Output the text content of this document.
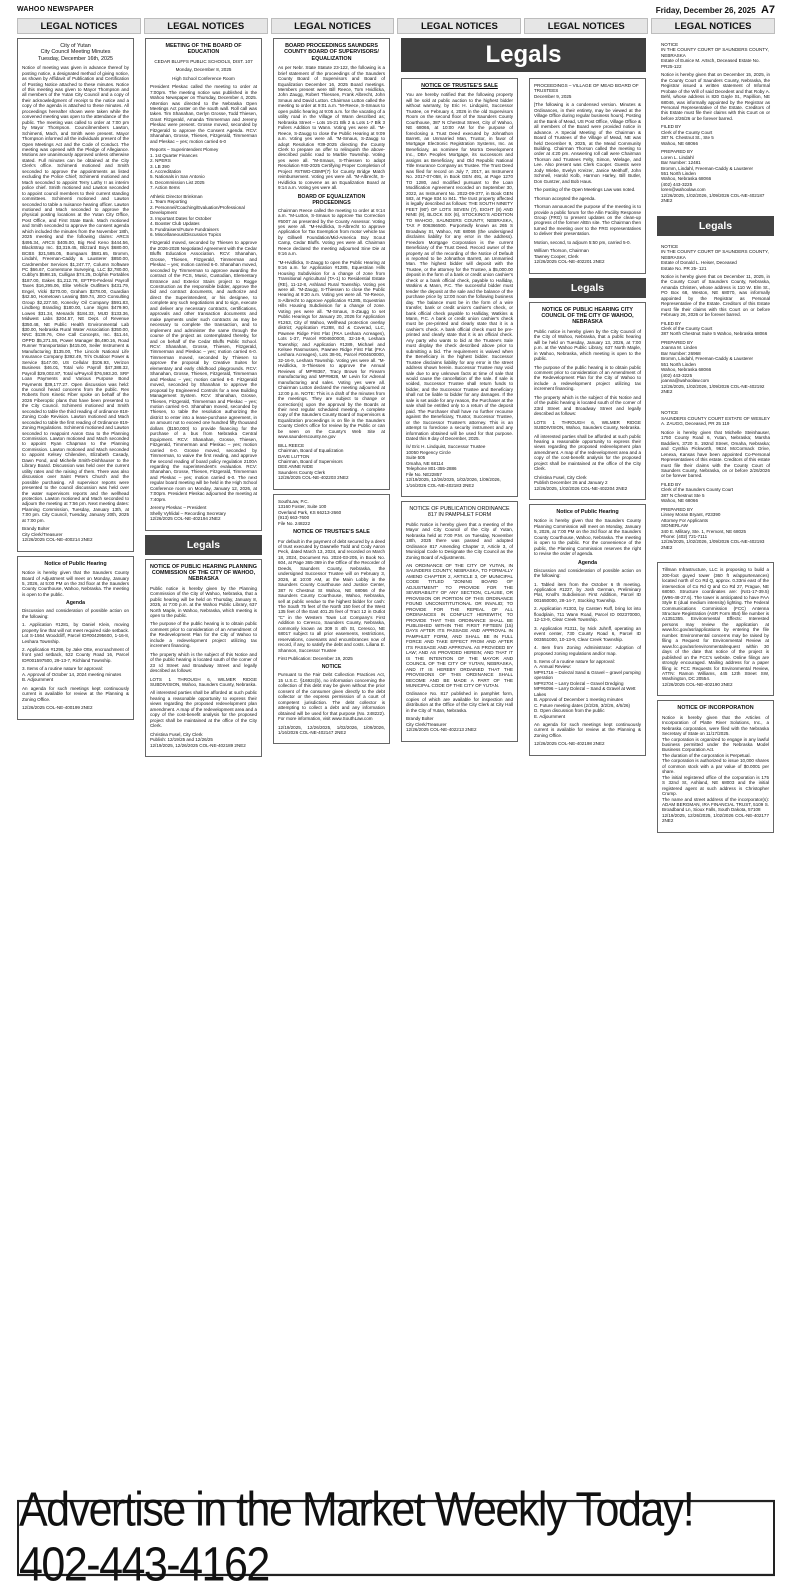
WAHOO NEWSPAPER	Friday, December 26, 2025 A7
LEGAL NOTICES	LEGAL NOTICES	LEGAL NOTICES	LEGAL NOTICES	LEGAL NOTICES	LEGAL NOTICES
Legals
City of Yutan
City Council Meeting Minutes
Tuesday, December 16th, 2025

Notice of meeting was given in advance thereof by posting notice, a designated method of giving notice, as shown by Affidavit of Publication and Certification of Posting Notice attached to these minutes. Notice of this meeting was given to Mayor Thompson and all members of the Yutan City Council and a copy of their acknowledgment of receipt to the notice and a copy of the agenda is attached to these minutes. All proceedings hereafter shown were taken while the convened meeting was open to the attendance of the public. The meeting was called to order at 7:00 pm by Mayor Thompson. Councilmembers Lawton, Schimenti, Mach, and Smith were present. Mayor Thompson informed all the individuals present of the Open Meetings Act and the Code of Conduct. The meeting was opened with the Pledge of Allegiance. Motions are unanimously approved unless otherwise stated. Full minutes can be obtained at the City Clerk's office. Schimenti motioned and Smith seconded to approve the appointments as listed excluding the Police Chief; Schimenti motioned and Mach seconded to appoint Terry Luthy II as interim police chief. Smith motioned and Lawton seconded to appoint council members to their current standing committees. Schimenti motioned and Lawton seconded to table a nuisance hearing officer. Lawton motioned and Mach seconded to approve the physical posting locations at the Yutan City Office, Post Office, and First State Bank. Mach motioned and Smith seconded to approve the consent agenda which included the minutes from the November 18th, 2025 meeting and the following claims: ARCS $495.34, ARCS $405.00, Big Red Keno $444.56, BlackStrap Inc. $3,319.45, Blizzard Boys $680.00, BCBS $21,585.05, Bomgaars $581.65, Bromm, Lindahl, Freeman-Caddy & Lausterer $850.00, Cardmember Services $1,247.77, Column Software PC $66.67, Cornerstone Surveying, LLC $2,780.00, Cubby's $598.15, Culligan $74.25, Dolphin Portables $187.00, Eakes $1,212.78, EFTPS-Federal Payroll Taxes $16,295.06, Elite Vehicle Outfitters $431.79, Engel, Vicki $270.00, Graham $378.00, Guardian $42.50, Hometown Leasing $59.74, JEO Consulting Group $2,227.50, Konecky Oil Company $591.83, Lindberg Branding $180.00, Lone Signs $479.90, Lowes $31.34, Menards $184.33, MUD $133.36, Midwest Labs $204.57, NE Dept. of Revenue $350.48, NE Public Health Environmental Lab $30.00, Nebraska Rural Water Association $350.00, NNC $139.76, One Call Concepts, Inc. $11.44, OPPD $5,271.55, Power Manager $6,490.16, Road Runner Transportation $415.00, Seiler Instrument & Manufacturing $135.00, The Lincoln National Life Insurance Company $392.49, Tri's Outdoor Power & Service $147.00, US Cellular $106.93, Verizon Business $46.01, Total w/o Payroll $47,388.32, Payroll $29,002.87, Total w/Payroll $76,593.20. SRF Loan Payments and Various Purpose Bond Payments $39,177.27. Open discussion was held: the council heard concerns from the public. Rex Roberts from Kinetic Fiber spoke on behalf of the 2026 Fiberoptic plans that have been presented to the City Council. Schimenti motioned and Smith seconded to table the third reading of ordinance 818-Zoning Code Revision. Lawton motioned and Mach seconded to table the first reading of Ordinance 819-Zoning Regulations. Schimenti motioned and Lawton seconded to reappoint Aaron Gau to the Planning Commission. Lawton motioned and Mach seconded to appoint Ryan Chapman to the Planning Commission. Lawton motioned and Mach seconded to appoint Kelsey Chilenden, Elizabeth Casady, Dawn Pond, and Michelle Smith-Dishhauser to the Library Board. Discussion was held over the current utility rates and the raising of them. There was also discussion over Saint Peters Church and the possible purchasing. All supervisor reports were presented to the council discussion was held over the water supervisors reports and the wellhead protection. Lawton motioned and Mach seconded to adjourn the meeting at 7:56 pm. Next meeting dates: Planning Commission, Tuesday, January 13th, at 7:00 pm. City Council, Tuesday, January 20th, 2025 at 7:00 pm.

Brandy Bolter
City Clerk/Treasurer
12/26/2025 COL-NE-400214 2NE2

Notice of Public Hearing

Notice is hereby given that the Saunders County Board of Adjustment will meet on Monday, January 5, 2026, at 5:00 PM on the 3rd floor at the Saunders County Courthouse, Wahoo, Nebraska. The meeting is open to the public.

Agenda

Discussion and consideration of possible action on the following:

1. Application #1281, by Daniel Klein, moving property line that will not meet required side setback. Lot S-1564 Woodcliff, Parcel ID#004295600, 1-16-8, Leshara Township.

2. Application #1296, by Jake Otte, encroachment of front yard setback, 522 County Road 16, Parcel ID#001597500, 29-13-7, Richland Township.

3. Items of a routine nature for approval:
A. Approval of October 14, 2024 meeting minutes
B. Adjournment

An agenda for such meetings kept continuously current is available for review at the Planning & Zoning Office.

12/26/2025 COL-NE-400199 2NE2

MEETING OF THE BOARD OF EDUCATION

CEDAR BLUFFS PUBLIC SCHOOLS, DIST. 107

Monday, December 8, 2025

High School Conference Room

President Pleskac called the meeting to order at 7:00pm. The meeting notice was published in the Wahoo Newspaper on Thursday, December 4, 2025. Attention was directed to the Nebraska Open Meetings Act poster on the south wall. Roll call was taken. Tim Shanahan, Gerlyn Grosse, Todd Thiesen, Grant Fitzgerald, Amanda Timmerman and Jeremy Pleskac were present. Grosse moved, seconded by Fitzgerald to approve the Consent Agenda. RCV: Shanahan, Grosse, Thiesen, Fitzgerald, Timmerman and Pleskac – yes; motion carried 6-0

Reports – Superintendent Plomey
1. 1st Quarter Finances
2. NPERS
3. LB 390
4. Accreditation
5. Nationals in San Antonio
6. Decommission List 2025
7. Action Items

Athletic Director Brinkman
1. Team Reporting
2. Personnel/Coaching/Evaluation/Professional Development
3. Important Dates for October
4. Booster Club Updates
5. Fundraisers/Future Fundraisers
6. Miscellaneous/Discussion Topics

Fitzgerald moved, seconded by Thiesen to approve the 2026-2028 Negotiated Agreement with the Cedar Bluffs Education Association. RCV: Shanahan, Grosse, Thiesen, Fitzgerald, Timmerman and Pleskac – yes; motion carried 6-0. Shanahan moved, seconded by Timmerman to approve awarding the contract of the FCS, Music, Custodian, Elementary Entrance and Exterior Stairs project to Rogge Construction as the responsible bidder, approve the bid and contract documents, and authorize and direct the Superintendent, or his designee, to complete any such negotiations and to sign, execute and deliver any necessary contracts, certifications, approvals and other transaction documents and make payments under such contracts as may be necessary to complete the transaction, and to implement and administer the same through the course of the project as contemplated thereby, for and on behalf of the Cedar Bluffs Public School. RCV: Shanahan, Grosse, Thiesen, Fitzgerald, Timmerman and Pleskac – yes; motion carried 6-0. Timmerman moved, seconded by Thiesen to approve the proposal by Creative Suites for elementary and early childhood playgrounds. RCV: Shanahan, Grosse, Thiesen, Fitzgerald, Timmerman and Pleskac – yes; motion carried 6-0. Fitzgerald moved, seconded by Shanahan to approve the proposal by Engineered Controls for a new Building Management System. RCV: Shanahan, Grosse, Thiesen, Fitzgerald, Timmerman and Pleskac – yes; motion carried 6-0. Shanahan moved, seconded by Thiesen, to table the resolution authorizing the district to enter into a lease-purchase agreement, in an amount not to exceed one hundred fifty thousand dollars ($150,000) to provide financing for the purchase of a bus from Nebraska Central Equipment. RCV: Shanahan, Grosse, Thiesen, Fitzgerald, Timmerman and Pleskac – yes; motion carried 6-0. Grosse moved, seconded by Timmerman, to waive the first reading, and approve the second reading of board policy regulation 2100A regarding the superintendent's evaluation. RCV: Shanahan, Grosse, Thiesen, Fitzgerald, Timmerman and Pleskac – yes; motion carried 6-0. The next regular board meeting will be held in the High School Conference room on Monday, January 12, 2026, at 7:00pm. President Pleskac adjourned the meeting at 7:40pm.

Jeremy Pleskac – President
Shelly Vyhlidal – Recording Secretary
12/26/2025 COL-NE-402194 2NE2

Legals
NOTICE OF PUBLIC HEARING PLANNING COMMISSION OF THE CITY OF WAHOO, NEBRASKA

Public notice is hereby given by the Planning Commission of the City of Wahoo, Nebraska, that a public hearing will be held on Thursday, January 8, 2025, at 7:00 p.m. at the Wahoo Public Library, 637 North Maple, in Wahoo, Nebraska, which meeting is open to the public.

The purpose of the public hearing is to obtain public comment prior to consideration of an Amendment of the Redevelopment Plan for the City of Wahoo to include a redevelopment project utilizing tax increment financing.

The property which is the subject of this Notice and of the public hearing is located south of the corner of 23 rd Street and Broadway Street and legally described as follows:

LOTS 1 THROUGH 6, WILMER RIDGE SUBDIVISION, Wahoo, Saunders County, Nebraska.

All interested parties shall be afforded at such public hearing a reasonable opportunity to express their views regarding the proposed redevelopment plan amendment. A map of the redevelopment area and a copy of the cost-benefit analysis for the proposed project shall be maintained at the office of the City Clerk.

Christina Fusel, City Clerk
Publish: 12/19/25 and 12/26/25
12/19/2025, 12/26/2025 COL-NE-402189 2NE2

BOARD PROCEEDINGS SAUNDERS COUNTY BOARD OF SUPERVISORS/ EQUALIZATION

As per Nebr. State Statute 23-122, the following is a brief statement of the proceedings of the Saunders County Board of Supervisors and Board of Equalization December 16, 2025 Board meetings. Members present were Bill Reece, Tom Hvidlicka, John Zaugg, Robert Thiessen, Frank Albrecht, John Smaus and David Lutton. Chairman Lutton called the meeting to order at 9:01 a.m. "M-Reece, S-Smaus to open public hearing at 9:05 a.m. for the vacating of a utility road in the Village of Wann described as; Nebraska Street – Lots 15-21 Blk 2 & Lots 1-7 Blk 3 Fullers Addition to Wann. Voting yes were all. "M-Reece, S-Zaugg to close the Public Hearing at 9:09 a.m. Voting yes were all. "M-Smaus, S-Zaugg to adopt Resolution #39-2025 directing the County Clerk to prepare an offer to relinquish the above-described public road to Marble Township. Voting yes were all. "M-Smaus, S-Thiessen to adopt Resolution #40-2025 Certifying Proper Completion of Project #STWD-CBMP(7) for County Bridge Match reimbursement. Voting yes were all. "M-Albrecht, S-Hvidlicka to convene as an Equalization Board at 9:14 a.m. Voting yes were all.

BOARD OF EQUALIZATION PROCEEDINGS

Chairman Reece called the meeting to order at 9:14 a.m. "M-Lutton, S-Smaus to approve Tax Correction #5007 as presented by the County Assessor. Voting yes were all. "M-Hvidlicka, S-Albrecht to approve Application for Tax Exemption from motor vehicle tax by Gillwell Foundation/Mid-America Boy Scout Camp, Cedar Bluffs. Voting yes were all. Chairman Reece declared the meeting adjourned Sine Die at 9:16 a.m.

"M-Hvidlicka, S-Zaugg to open the Public Hearing at 9:16 a.m. for Application #1285, Equestrian Hills Housing Subdivision for a change of zone from Transitional Agricultural (TA-1) to Residential Estate (RE), 11-12-8, Ashland Rural Township. Voting yes were all. "M-Zaugg, S-Thiessen to close the Public Hearing at 9:20 a.m. Voting yes were all. "M-Reece, S-Albrecht to approve Application #1285, Equestrian Hills Housing Subdivision for a change of zone. Voting yes were all. "M-Smaus, S-Zaugg to set Public Hearings for January 20, 2026 for Application #1263, City of Wahoo, Wellhead protection overlay district; Application #1288, Ed & Coverad, LLC, Pawnee Ridge First Flat (FKA Leshara Acreages), Lots 1-37, Parcel #004600000, 32-16-9, Leshara Township; and Application #1289, Michael and Kelsee Rasmussen, Pawnee Ridge First Flat (FKA Leshara Acreages), Lots 38-91, Parcel #004600000, 32-16-9, Leshara Township. Voting yes were all. "M-Hvidlicka, S-Thiessen to approve the Annual Reviews of MP#8367, Tracy Brown for Firearm manufacturing and MP#9828, Mr Levin for Adrenal manufacturing and sales. Voting yes were all. Chairman Lutton declared the meeting adjourned at 12:00 p.m. NOTE: This is a draft of the minutes from the meetings. They are subject to change or correction(s) upon the approval by the Boards at their next regular scheduled meeting. A complete copy of the Saunders County Board of Supervisors & Equalization proceedings is on file in the Saunders County Clerk's office for review by the Public or can be seen on the County's Web Site at www.saunderscounty.ne.gov

BILL REECE
Chairman, Board of Equalization
DAVE LUTTON
Chairman, Board of Supervisors
DEE ANNE NIDE
Saunders County Clerk
12/26/2025 COL-NE-402203 2NE2

SouthLaw, P.C.
13160 Foster, Suite 100
Overland Park, KS 66213-2660
(913) 663-7600
File No. 248222

NOTICE OF TRUSTEE'S SALE

For default in the payment of debt secured by a deed of trust executed by Dawnelle Todd and Cody Aaron Peck, dated March 13, 2024, and recorded on March 18, 2024, Document No. 2024-03-205, in Book No. 604, at Page 365-369 in the Office of the Recorder of Deeds, Saunders County, Nebraska, the undersigned Successor Trustee will on February 3, 2026, at 10:00 AM, at the Main Lobby in the Saunders County Courthouse and Justice Center, 387 N Chestnut St Wahoo, NE 68066 of the Saunders County Courthouse, Wahoo, Nebraska, sell at public vendue to the highest bidder for cash: The South 75 feet of the North 150 feet of the West 135 feet of the East 401.25 feet of Tract 12 in Outlot "C" in the Western Town Lot Company's First Addition to Ceresco, Saunders County, Nebraska, commonly known as 309 S 4th St, Ceresco, NE 68017 subject to all prior easements, restrictions, reservations, covenants and encumbrances now of record, if any, to satisfy the debt and costs. Liliana E. Shannon, Successor Trustee

First Publication: December 19, 2025

NOTICE

Pursuant to the Fair Debt Collection Practices Act, 15 U.S.C. §1692c(b), no information concerning the collection of this debt may be given without the prior consent of the consumer given directly to the debt collector or the express permission of a court of competent jurisdiction. The debt collector is attempting to collect a debt and any information obtained will be used for that purpose (No. 248222). For more information, visit www.SouthLaw.com

12/19/2025, 12/26/2025, 1/02/2026, 1/09/2026, 1/16/2026 COL-NE-402147 2NE2

NOTICE OF TRUSTEE'S SALE

You are hereby notified that the following property will be sold at public auction to the highest bidder without warranty, by Eric H. Lindquist, Successor Trustee, on February 4, 2026 in the old Supervisors Room on the second floor of the Saunders County Courthouse, 387 N Chestnut Street, City of Wahoo, NE 68066, at 10:00 AM for the purpose of foreclosing a Trust Deed executed by Johnathon Barrett, an Unmarried Man, Trustor, in favor of Mortgage Electronic Registration Systems, Inc. as Beneficiary, as nominee for Mortra Development Inc., DBA Peoples Mortgage, its successors and assigns as Beneficiary, and Old Republic National Title Insurance Company as Trustee. The Trust Deed was filed for record on July 7, 2017, as Instrument No. 2017-07-058, in Book GEN 491, at Page 1270 TO 1280, and modified pursuant to the Loan Modification Agreement recorded on September 30, 2022, as Instrument No. 2022-09-377, in Book GEN 583, at Page 834 to 841. The trust property affected is legally described as follows: THE SOUTH NINETY FEET (90') OF LOTS SEVEN (7), EIGHT (8) AND NINE (9), BLOCK SIX (6), STOCKING'S ADDITION TO WAHOO, SAUNDERS COUNTY, NEBRASKA, TAX # 006366500. Purportedly known as 265 S Broadway St, Wahoo, NE 68066 (the undersigned disclaims liability for any error in the address). Freedom Mortgage Corporation is the current Beneficiary of the Trust Deed. Record owner of the property as of the recording of the Notice of Default is reported to be Johnathon Barrett, an Unmarried Man. The highest bidder will deposit with the Trustee, or the attorney for the Trustee, a $5,000.00 deposit in the form of a bank or credit union cashier's check or a bank official check, payable to Halliday, Watkins & Mann, P.C. The successful bidder must tender the deposit at the sale and the balance of the purchase price by 12:00 noon the following business day. The balance must be in the form of a wire transfer, bank or credit union's cashier's check, or bank official check payable to Halliday, Watkins & Mann, P.C. A bank or credit union cashier's check must be pre-printed and clearly state that it is a cashier's check. A bank official check must be pre-printed and clearly state that it is an official check. Any party who wants to bid at the Trustee's Sale must display the check described above prior to submitting a bid. The requirement is waived when the Beneficiary is the highest bidder. Successor Trustee disclaims liability for any error in the street address shown herein. Successor Trustee may void sale due to any unknown facts at time of sale that would cause the cancellation of the sale. If sale is voided, Successor Trustee shall return funds to bidder, and the Successor Trustee and Beneficiary shall not be liable to bidder for any damages. If the sale is set aside for any reason, the Purchaser at the sale shall be entitled only to a return of the deposit paid. The Purchaser shall have no further recourse against the Beneficiary, Trustor, Successor Trustee, or the Successor Trustee's attorney. This is an attempt to foreclose a security instrument and any information obtained will be used for that purpose. Dated this 9 day of December, 2025.

/s/ Eric H. Lindquist, Successor Trustee
10050 Regency Circle
Suite 505
Omaha, NE 68114
Telephone 801-355-2886
File No. NE22857
12/19/2025, 12/26/2025, 1/02/2026, 1/09/2026, 1/16/2026 COL-NE-402183 2NE2

NOTICE OF PUBLICATION ORDINANCE 817 IN PAMPHLET FORM

Public Notice is hereby given that a meeting of the Mayor and City Council of the City of Yutan, Nebraska held at 7:00 P.M. on Tuesday, November 18th, 2025 there was passed and adopted Ordinance 817 Amending Chapter 2, Article 3, of Municipal Code to Designate the City Council as the Zoning Board of Adjustments.

AN ORDINANCE OF THE CITY OF YUTAN, IN SAUNDERS COUNTY, NEBRASKA, TO FORMALLY AMEND CHAPTER 2, ARTICLE 3, OF MUNICIPAL CODE TITLED "ZONING BOARD OF ADJUSTMENT" TO PROVIDE FOR THE SEVERABILITY OF ANY SECTION, CLAUSE, OR PROVISION OR PORTION OF THIS ORDINANCE FOUND UNCONSTITUTIONAL OR INVALID; TO PROVIDE FOR THE REPEAL OF ALL ORDINANCES IN CONFLICT HEREWITH; TO PROVIDE THAT THIS ORDINANCE SHALL BE PUBLISHED WITHIN THE FIRST FIFTEEN (15) DAYS AFTER ITS PASSAGE AND APPROVAL IN PAMPHLET FORM, AND SHALL BE IN FULL FORCE AND TAKE EFFECT FROM AND AFTER ITS PASSAGE AND APPROVAL AS PROVIDED BY LAW; AND AS PROVIDED HEREIN; AND THAT IT IS THE INTENTION OF THE MAYOR AND COUNCIL OF THE CITY OF YUTAN, NEBRASKA, AND IT IS HEREBY ORDAINED THAT THE PROVISIONS OF THIS ORDINANCE SHALL BECOME AND BE MADE A PART OF THE MUNICIPAL CODE OF THE CITY OF YUTAN.

Ordinance No. 817 published in pamphlet form, copies of which are available for inspection and distribution at the Office of the City Clerk at City Hall in the City of Yutan, Nebraska.

Brandy Bolter
City Clerk/Treasurer
12/26/2025 COL-NE-402213 2NE2

PROCEEDINGS – VILLAGE OF MEAD BOARD OF TRUSTEES
December 9, 2025

[The following is a condensed version. Minutes & Ordinances, in their entirety, may be viewed at the Village Office during regular business hours]. Posting at the Bank of Mead, US Post Office, Village Office & all members of the Board were provided notice in advance. A Special Meeting of the Chairman & Board of Trustees of the Village of Mead, NE was held December 9, 2025, at the Mead Community Building. Chairman Thorson called the meeting to order at 4:20 pm. Answering roll call were Chairman Thorson and Trustees Felty, Simon, Wielage, and Lee. Also present was Clerk Cooper. Guests were Jody Wiebe, Evelyn Kreizer, Janice Meithoff, John Schmeil, Harold Kolb, Harmon Harley, Bill Butler, Don Guntzer, and Bob Haus.

The posting of the Open Meetings Law was noted.

Thorson accepted the agenda.

Thorson announced the purpose of the meeting is to provide a public forum for the Allin Facility Response Group (FRG) to present updates on the clean-up progress of the former AltEn site. The Chairman then turned the meeting over to the FRG representatives to deliver their presentation.

Motion, second, to adjourn 5:50 pm, carried 5-0.

William Thorson, Chairman
Tawney Cooper, Clerk
12/26/2025 COL-NE-402201 2NE2

Legals
NOTICE OF PUBLIC HEARING CITY COUNCIL OF THE CITY OF WAHOO, NEBRASKA

Public notice is hereby given by the City Council of the City of Wahoo, Nebraska, that a public hearing will be held on Tuesday, January 13, 2026, at 7:00 p.m. at the Wahoo Public Library, 637 North Maple, in Wahoo, Nebraska, which meeting is open to the public.

The purpose of the public hearing is to obtain public comment prior to consideration of an Amendment of the Redevelopment Plan for the City of Wahoo to include a redevelopment project utilizing tax increment financing.

The property which is the subject of this Notice and of the public hearing is located south of the corner of 23rd Street and Broadway Street and legally described as follows:

LOTS 1 THROUGH 6, WILMER RIDGE SUBDIVISION, Wahoo, Saunders County, Nebraska.

All interested parties shall be afforded at such public hearing a reasonable opportunity to express their views regarding the proposed redevelopment plan amendment. A map of the redevelopment area and a copy of the cost-benefit analysis for the proposed project shall be maintained at the office of the City Clerk.

Christina Fusel, City Clerk
Publish December 26 and January 2
12/26/2025, 1/02/2026 COL-NE-402204 2NE2

Notice of Public Hearing

Notice is hereby given that the Saunders County Planning Commission will meet on Monday, January 5, 2026, at 7:00 PM on the 3rd floor at the Saunders County Courthouse, Wahoo, Nebraska. The meeting is open to the public. For the convenience of the public, the Planning Commission reserves the right to revise the order of agenda.

Agenda

Discussion and consideration of possible action on the following:

1. Tabled item from the October 6 th meeting. Application #1227, by Josh German, Preliminary Plat, Knoll's Subdivision First Addition, Parcel ID 001650000, 28-14-7, Stocking Township.

2. Application #1303, by Carsten Ruff, bring lot into floodplain, 711 Wann Road, Parcel ID 002370000, 12-13-9, Clear Creek Township.

3. Application #1311, by Nick Juhnff, operating an event center, 730 County Road 6, Parcel ID 003551000, 10-13-9, Clear Creek Township.

4. Item from Zoning Administrator: Adoption of proposed zoning regulations and/or map.

5. Items of a routine nature for approval:
A. Annual Review:
MP#1716 – Dolezal Sand & Gravel – gravel pumping operation
MP#2704 – Larry Dolezal – Gravel Dredging
MP#6096 – Larry Dolezal – Sand & Gravel at Wett Lakes
B. Approval of December 1 meeting minutes
C. Future meeting dates (2/2/26, 3/2/26, 4/6/26)
D. Open discussion from the public
E. Adjournment

An agenda for such meetings kept continuously current is available for review at the Planning & Zoning Office.

12/26/2025 COL-NE-402198 2NE2

NOTICE
IN THE COUNTY COURT OF SAUNDERS COUNTY, NEBRASKA
Estate of Eunice M. Artsch, Deceased Estate No. PR25-122

Notice is hereby given that on December 15, 2025, in the County Court of Saunders County, Nebraska, the Registrar issued a written statement of Informal Probate of the Will of said Decedent and that Roby A. Behl, whose address is 820 Gayle St., Papillion, NE 68046, was informally appointed by the Registrar as Personal Representative of the Estate. Creditors of this Estate must file their claims with this Court on or before 2/26/26 or be forever barred.

FILED BY
Clerk of the County Court
387 N. Chestnut St., Ste 5
Wahoo, NE 68066

PREPARED BY
Loren L. Lindahl
Bar Number: 12481
Bromm, Lindahl, Freeman-Caddy & Lausterer
551 North Linden
Wahoo, Nebraska 68066
(402) 443-3225
loren@wahoolaw.com
12/26/2025, 1/02/2026, 1/09/2026 COL-NE-402187 2NE2

Legals

NOTICE
IN THE COUNTY COURT OF SAUNDERS COUNTY, NEBRASKA
Estate of Donald L. Heiser, Deceased
Estate No. PR 25- 121

Notice is hereby given that on December 11, 2025, in the County Court of Saunders County, Nebraska, Amanda Christen, whose address is 110 W. Elm St., PO Box 68, Weston, NE 68070, was informally appointed by the Registrar as Personal Representative of the Estate. Creditors of this Estate must file their claims with this Court on or before February 26, 2026 or be forever barred.

FILED BY
Clerk of the County Court
387 North Chestnut Suite 5 Wahoo, Nebraska 68066

PREPARED BY
Joanna M. Linden
Bar Number: 26968
Bromm, Lindahl, Freeman-Caddy & Lausterer
551 North Linden
Wahoo, Nebraska 68066
(402) 443-3225
joanna@wahoolaw.com
12/26/2025, 1/02/2026, 1/09/2026 COL-NE-402192 2NE2

NOTICE
SAUNDERS COUNTY COURT ESTATE OF WESLEY A. ZAUGG, Deceased, PR 25 119

Notice is hereby given that Michelle Steinhauser, 1750 County Road 6, Yutan, Nebraska; Marsha Baddiers, 3720 S. 192nd Street, Omaha, Nebraska; and Cynthia Pickworth, 9624 McCormack Drive, Lenexa, Kansas have been appointed Co-Personal Representatives of this estate. Creditors of this estate must file their claims with the County Court of Saunders County, Nebraska, on or before 2/26/2026 or be forever barred.

FILED BY
Clerk of the Saunders County Court
387 N Chestnut Ste 5
Wahoo, NE 68066

PREPARED BY
Linsey Moran Bryant, #23390
Attorney For Applicants
SIDNERLAW
340 E. Military, Ste. 1, Fremont, NE 68025
Phone: (402) 721-7111
12/26/2025, 1/02/2026, 1/09/2026 COL-NE-402193 2NE2

Tillman Infrastructure, LLC is proposing to build a 200-foot guyed tower (360 ft w/appurtenances) located north of Co Rd Q, approx. 0.33mi east of the intersection of Co Rd Q and Co Rd 27, Prague, NE 68050. Structure coordinates are: (N41-17-39.5)(W96-48-27.6). The tower is anticipated to have FAA Style E (dual medium intensity) lighting. The Federal Communications Commission (FCC) Antenna Structure Registration (ASR Form 854) file number is A1351355. Environmental Effects: Interested persons may review the application at www.fcc.gov/asr/applications by entering the file number. Environmental concerns may be raised by filing a Request for Environmental Review at www.fcc.gov/asr/environmentalrequest within 30 days of the date that notice of the project is published on the FCC's website. Online filings are strongly encouraged. Mailing address for a paper filing is: FCC Requests for Environmental Review, ATTN: Ramon Williams, 445 12th Street SW, Washington, DC 20554.
12/26/2025 COL-NE-402190 2NE2

NOTICE OF INCORPORATION

Notice is hereby given that the Articles of Incorporation of Platte River Solutions, Inc., a Nebraska corporation, were filed with the Nebraska Secretary of State on 11/17/2025.
The corporation is organized to engage in any lawful business permitted under the Nebraska Model Business Corporation Act.
The duration of the corporation is Perpetual.
The corporation is authorized to issue 10,000 shares of common stock with a par value of $0.0001 per share.
The initial registered office of the corporation is 175 S 32nd St, Ashland, NE 68003 and the initial registered agent at such address is Christopher Crump.
The name and street address of the incorporator(s): ADAM BERGMAN, IRA FINANCIAL TRUST, 5109 S. Broadband Ln, Sioux Falls, South Dakota, 57108
12/19/2025, 12/26/2025, 1/02/2026 COL-NE-402177 2NE2

Advertise in the Market Weekly Today! 402-443-4162
